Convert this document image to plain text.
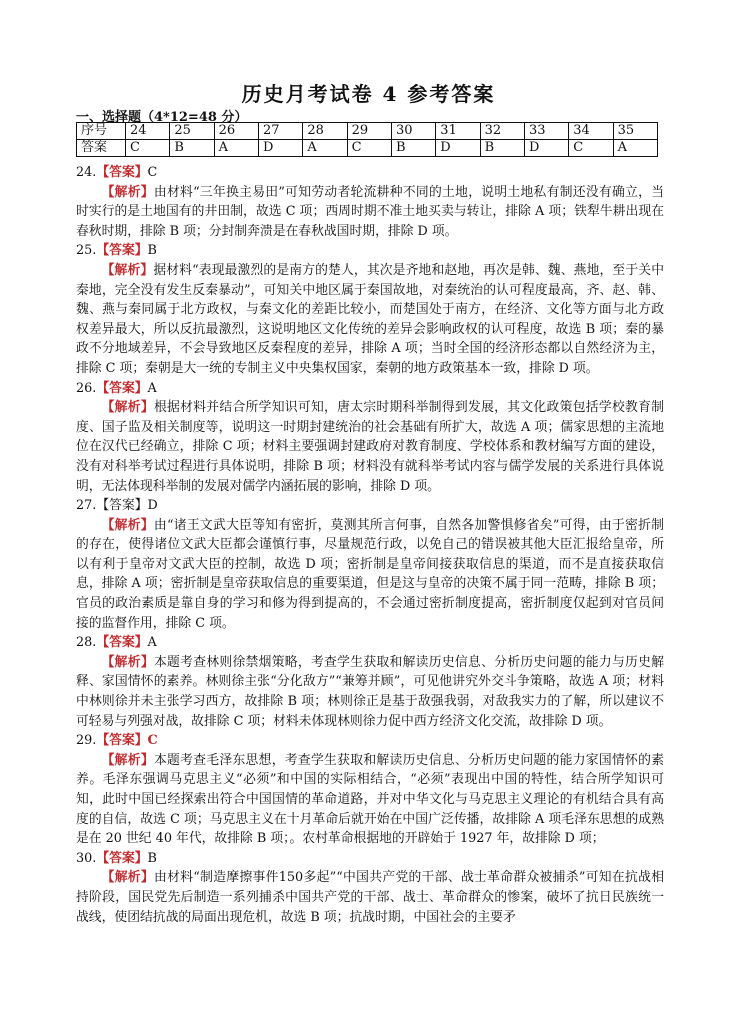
历史月考试卷 4 参考答案
一、选择题（4*12=48 分）
序号	24	25	26	27	28	29	30	31	32	33	34	35
答案	C	B	A	D	A	C	B	D	B	D	C	A

24.【答案】C

【解析】由材料“三年换主易田”可知劳动者轮流耕种不同的土地，说明土地私有制还没有确立，当时实行的是土地国有的井田制，故选 C 项；西周时期不准土地买卖与转让，排除 A 项；铁犁牛耕出现在春秋时期，排除 B 项；分封制奔溃是在春秋战国时期，排除 D 项。

25.【答案】B

【解析】据材料“表现最激烈的是南方的楚人，其次是齐地和赵地，再次是韩、魏、燕地，至于关中秦地，完全没有发生反秦暴动”，可知关中地区属于秦国故地，对秦统治的认可程度最高，齐、赵、韩、魏、燕与秦同属于北方政权，与秦文化的差距比较小，而楚国处于南方，在经济、文化等方面与北方政权差异最大，所以反抗最激烈，这说明地区文化传统的差异会影响政权的认可程度，故选 B 项；秦的暴政不分地域差异，不会导致地区反秦程度的差异，排除 A 项；当时全国的经济形态都以自然经济为主，排除 C 项；秦朝是大一统的专制主义中央集权国家，秦朝的地方政策基本一致，排除 D 项。

26.【答案】A

【解析】根据材料并结合所学知识可知，唐太宗时期科举制得到发展，其文化政策包括学校教育制度、国子监及相关制度等，说明这一时期封建统治的社会基础有所扩大，故选 A 项；儒家思想的主流地位在汉代已经确立，排除 C 项；材料主要强调封建政府对教育制度、学校体系和教材编写方面的建设，没有对科举考试过程进行具体说明，排除 B 项；材料没有就科举考试内容与儒学发展的关系进行具体说明，无法体现科举制的发展对儒学内涵拓展的影响，排除 D 项。

27.【答案】D

【解析】由“诸王文武大臣等知有密折，莫测其所言何事，自然各加警惧修省矣”可得，由于密折制的存在，使得诸位文武大臣都会谨慎行事，尽量规范行政，以免自己的错误被其他大臣汇报给皇帝，所以有利于皇帝对文武大臣的控制，故选 D 项；密折制是皇帝间接获取信息的渠道，而不是直接获取信息，排除 A 项；密折制是皇帝获取信息的重要渠道，但是这与皇帝的决策不属于同一范畴，排除 B 项；官员的政治素质是靠自身的学习和修为得到提高的，不会通过密折制度提高，密折制度仅起到对官员间接的监督作用，排除 C 项。

28.【答案】A

【解析】本题考查林则徐禁烟策略，考查学生获取和解读历史信息、分析历史问题的能力与历史解释、家国情怀的素养。林则徐主张“分化敌方”“兼筹并顾”，可见他讲究外交斗争策略，故选 A 项；材料中林则徐并未主张学习西方，故排除 B 项；林则徐正是基于敌强我弱，对敌我实力的了解，所以建议不可轻易与列强对战，故排除 C 项；材料未体现林则徐力促中西方经济文化交流，故排除 D 项。

29.【答案】C

【解析】本题考查毛泽东思想，考查学生获取和解读历史信息、分析历史问题的能力家国情怀的素养。毛泽东强调马克思主义“必须”和中国的实际相结合，“必须”表现出中国的特性，结合所学知识可知，此时中国已经探索出符合中国国情的革命道路，并对中华文化与马克思主义理论的有机结合具有高度的自信，故选 C 项；马克思主义在十月革命后就开始在中国广泛传播，故排除 A 项毛泽东思想的成熟是在 20 世纪 40 年代，故排除 B 项；。农村革命根据地的开辟始于 1927 年，故排除 D 项；

30.【答案】B

【解析】由材料“制造摩擦事件150多起”“中国共产党的干部、战士革命群众被捕杀”可知在抗战相持阶段，国民党先后制造一系列捕杀中国共产党的干部、战士、革命群众的惨案，破坏了抗日民族统一战线，使团结抗战的局面出现危机，故选 B 项；抗战时期，中国社会的主要矛
